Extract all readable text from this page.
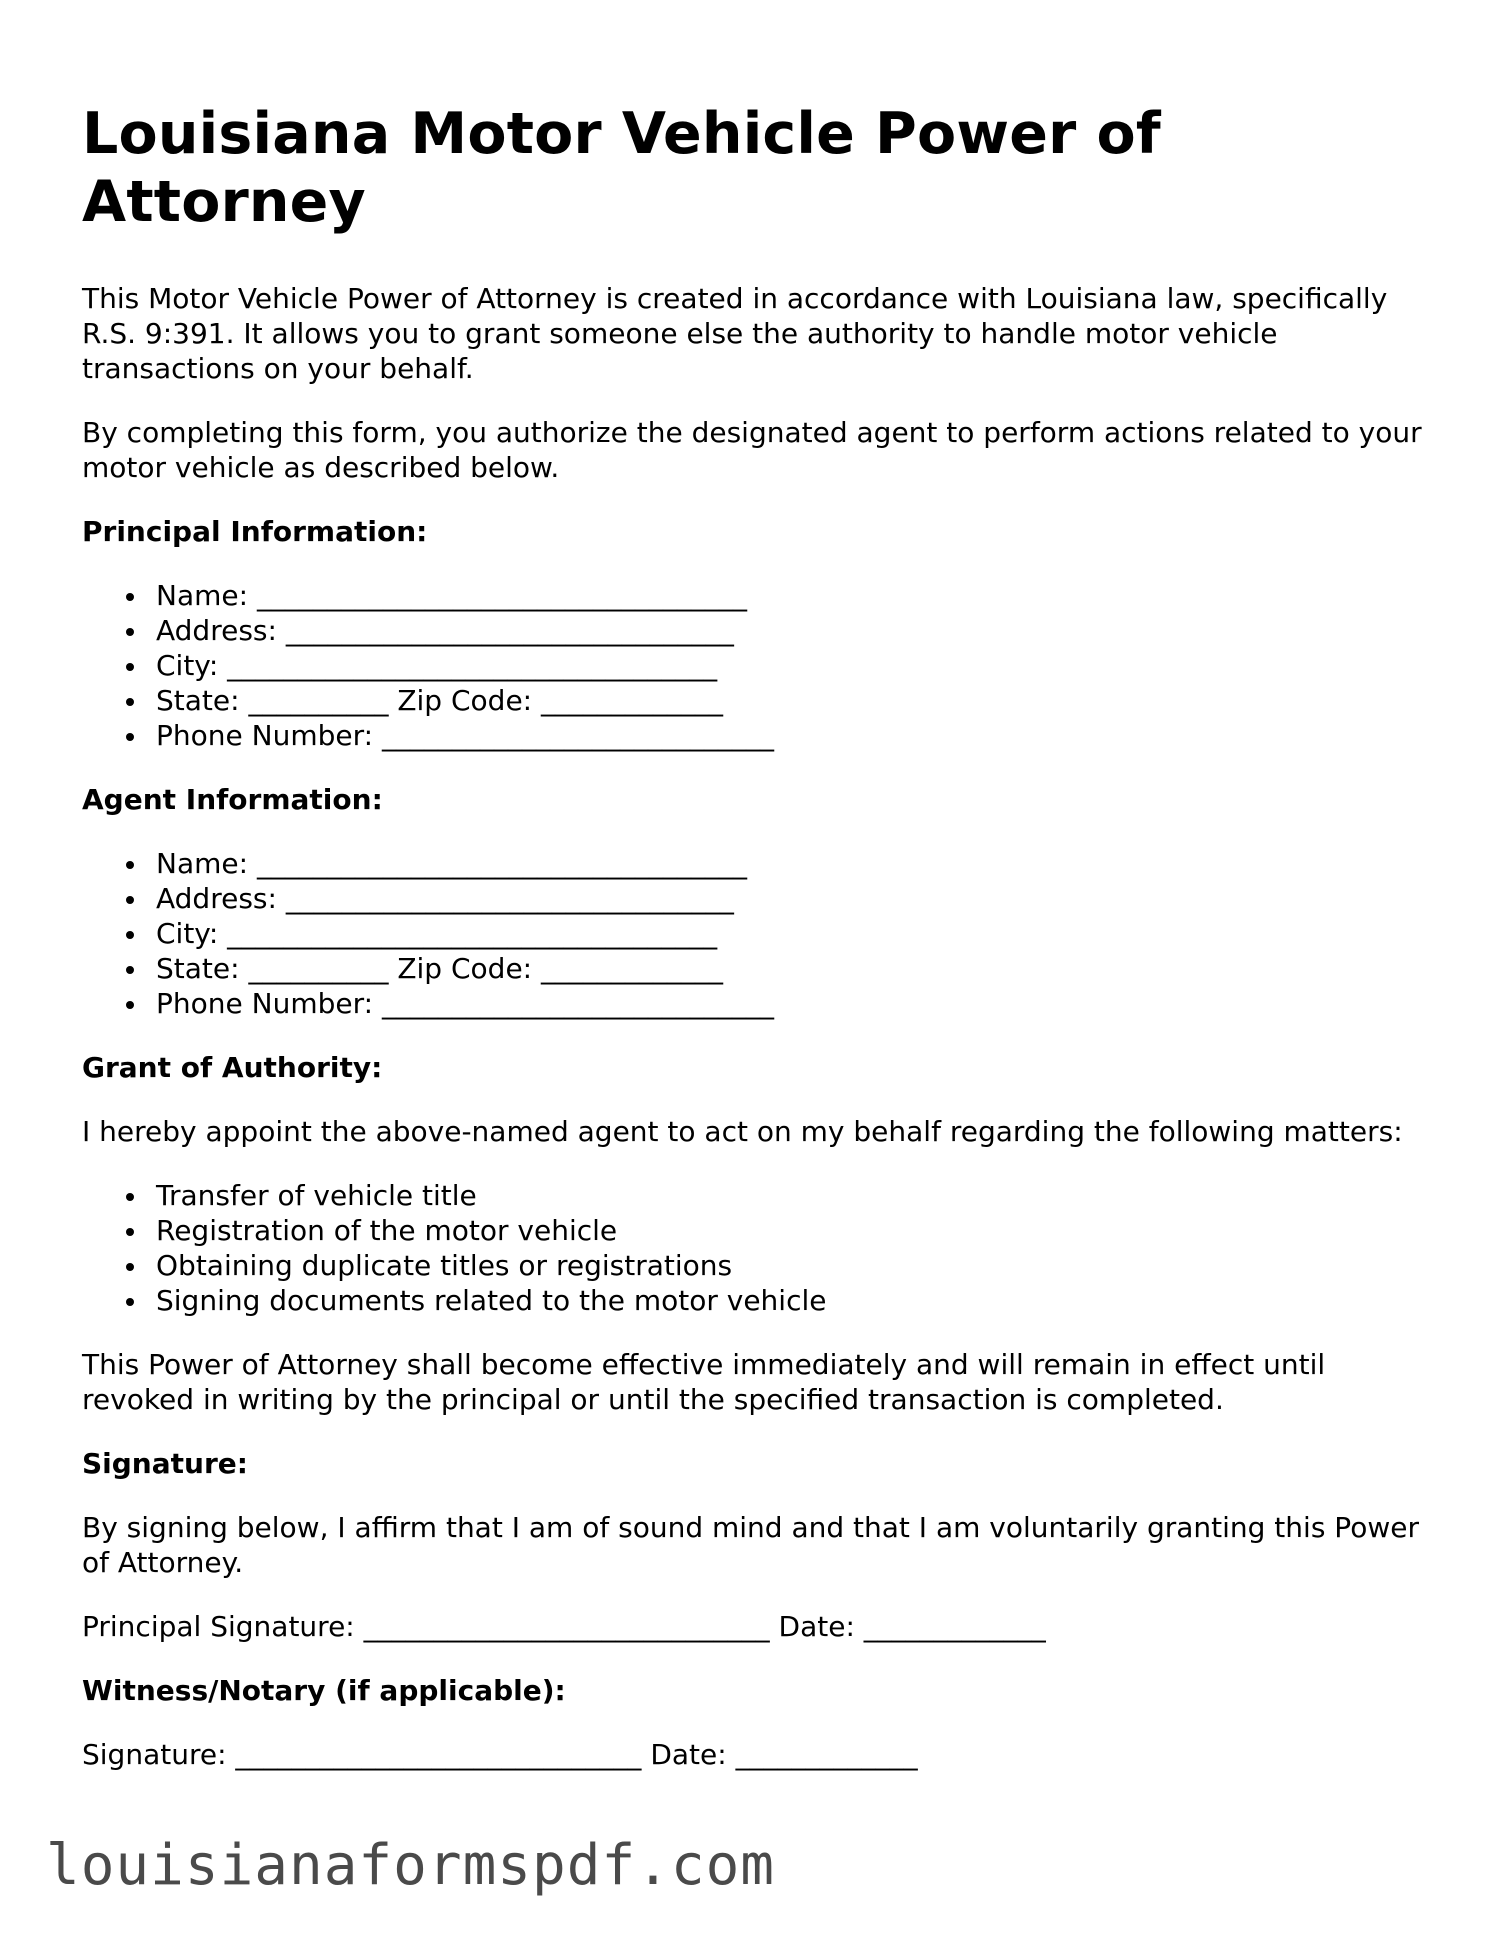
Louisiana Motor Vehicle Power of Attorney

This Motor Vehicle Power of Attorney is created in accordance with Louisiana law, specifically R.S. 9:391. It allows you to grant someone else the authority to handle motor vehicle transactions on your behalf.

By completing this form, you authorize the designated agent to perform actions related to your motor vehicle as described below.

Principal Information:
Name: ___________________________________
Address: ________________________________
City: ___________________________________
State: __________ Zip Code: _____________
Phone Number: ____________________________
Agent Information:
Name: ___________________________________
Address: ________________________________
City: ___________________________________
State: __________ Zip Code: _____________
Phone Number: ____________________________
Grant of Authority:

I hereby appoint the above-named agent to act on my behalf regarding the following matters:

Transfer of vehicle title
Registration of the motor vehicle
Obtaining duplicate titles or registrations
Signing documents related to the motor vehicle

This Power of Attorney shall become effective immediately and will remain in effect until revoked in writing by the principal or until the specified transaction is completed.

Signature:

By signing below, I affirm that I am of sound mind and that I am voluntarily granting this Power of Attorney.

Principal Signature: _____________________________ Date: _____________

Witness/Notary (if applicable):

Signature: _____________________________ Date: _____________

louisianaformspdf.com
